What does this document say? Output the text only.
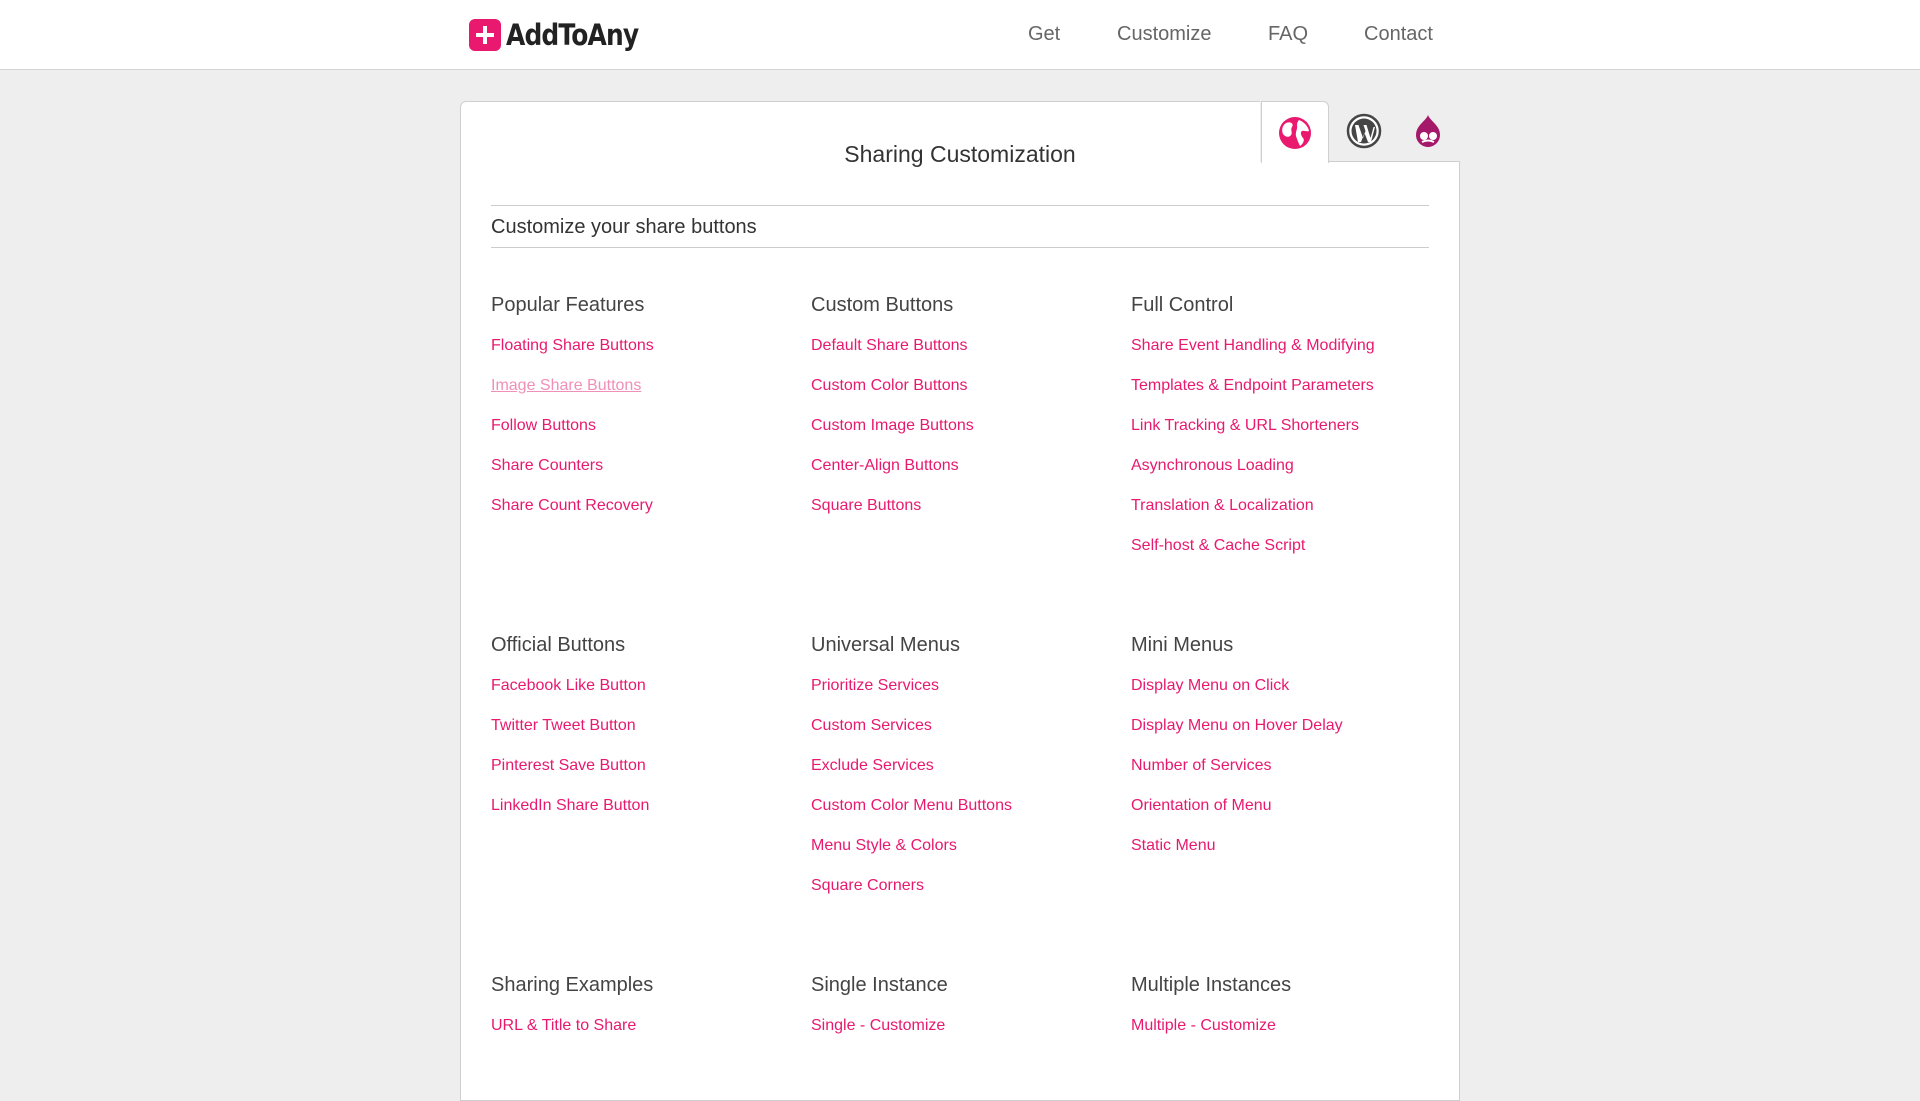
AddToAny	Get	Customize	FAQ	Contact
Sharing Customization
Customize your share buttons
Popular Features
Floating Share Buttons
Image Share Buttons
Follow Buttons
Share Counters
Share Count Recovery
Custom Buttons
Default Share Buttons
Custom Color Buttons
Custom Image Buttons
Center-Align Buttons
Square Buttons
Full Control
Share Event Handling & Modifying
Templates & Endpoint Parameters
Link Tracking & URL Shorteners
Asynchronous Loading
Translation & Localization
Self-host & Cache Script
Official Buttons
Facebook Like Button
Twitter Tweet Button
Pinterest Save Button
LinkedIn Share Button
Universal Menus
Prioritize Services
Custom Services
Exclude Services
Custom Color Menu Buttons
Menu Style & Colors
Square Corners
Mini Menus
Display Menu on Click
Display Menu on Hover Delay
Number of Services
Orientation of Menu
Static Menu
Sharing Examples
URL & Title to Share
Single Instance
Single - Customize
Multiple Instances
Multiple - Customize
